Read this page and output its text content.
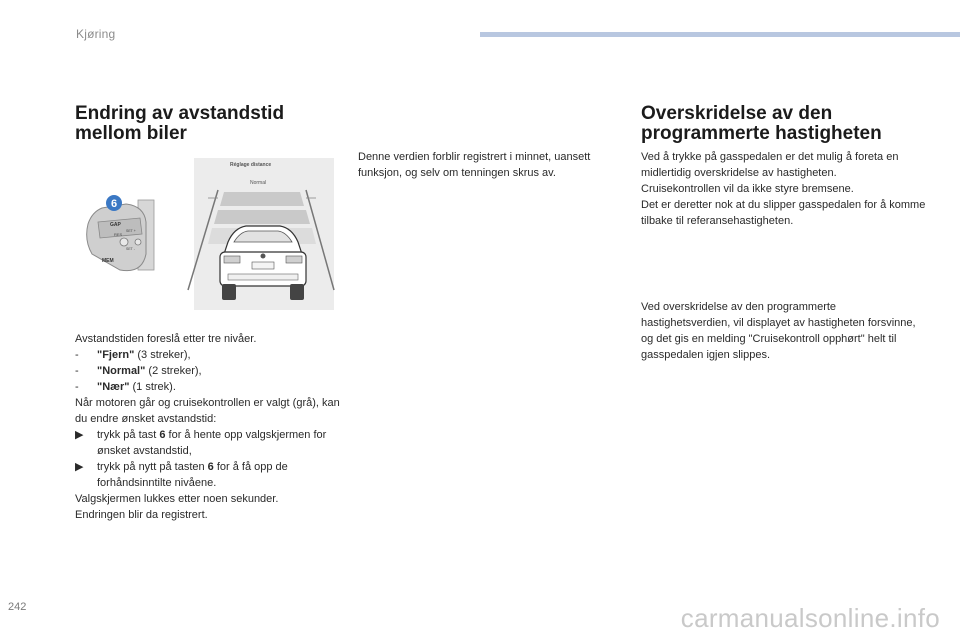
Kjøring
Endring av avstandstid mellom biler
GAP
RES
SET +
SET -
MEM
6
Réglage distance
Normal
Avstandstiden foreslå etter tre nivåer.
- "Fjern" (3 streker),
- "Normal" (2 streker),
- "Nær" (1 strek).
Når motoren går og cruisekontrollen er valgt (grå), kan du endre ønsket avstandstid:
▶ trykk på tast 6 for å hente opp valgskjermen for ønsket avstandstid,
▶ trykk på nytt på tasten 6 for å få opp de forhåndsinntilte nivåene.
Valgskjermen lukkes etter noen sekunder.
Endringen blir da registrert.
Denne verdien forblir registrert i minnet, uansett funksjon, og selv om tenningen skrus av.
Overskridelse av den programmerte hastigheten
Ved å trykke på gasspedalen er det mulig å foreta en midlertidig overskridelse av hastigheten.
Cruisekontrollen vil da ikke styre bremsene.
Det er deretter nok at du slipper gasspedalen for å komme tilbake til referansehastigheten.
Ved overskridelse av den programmerte hastighetsverdien, vil displayet av hastigheten forsvinne, og det gis en melding "Cruisekontroll opphørt" helt til gasspedalen igjen slippes.
242	carmanualsonline.info
